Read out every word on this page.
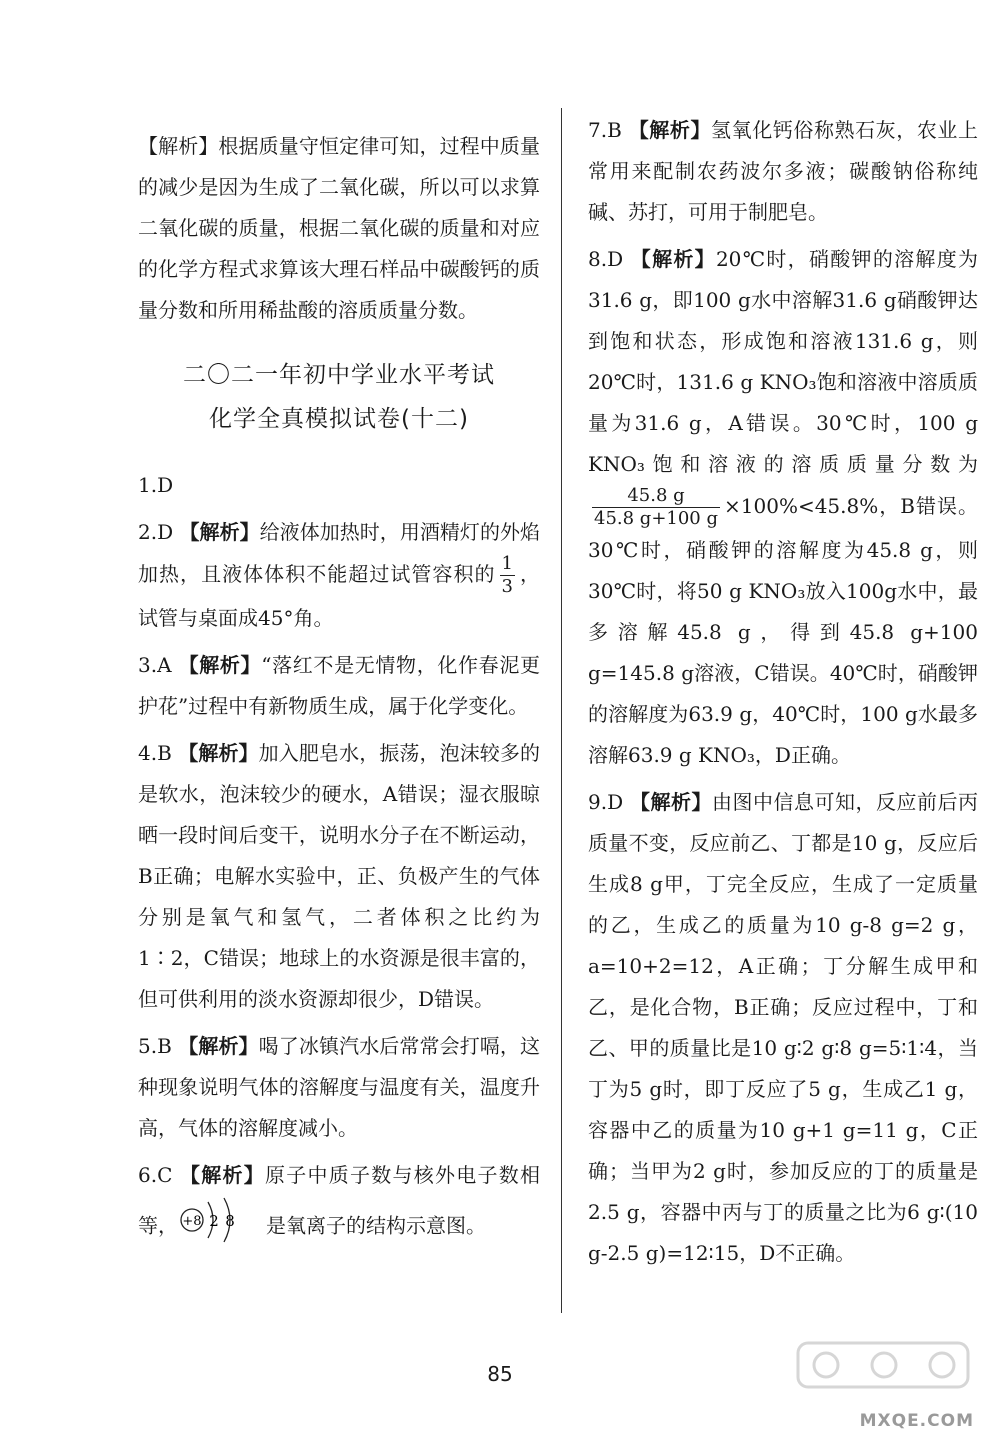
【解析】根据质量守恒定律可知，过程中质量的减少是因为生成了二氧化碳，所以可以求算二氧化碳的质量，根据二氧化碳的质量和对应的化学方程式求算该大理石样品中碳酸钙的质量分数和所用稀盐酸的溶质质量分数。

二〇二一年初中学业水平考试

化学全真模拟试卷(十二)

1.D

2.D 【解析】给液体加热时，用酒精灯的外焰加热，且液体体积不能超过试管容积的 $\frac{1}{3}$ ，试管与桌面成45°角。

3.A 【解析】“落红不是无情物，化作春泥更护花”过程中有新物质生成，属于化学变化。

4.B 【解析】加入肥皂水，振荡，泡沫较多的是软水，泡沫较少的硬水，A错误；湿衣服晾晒一段时间后变干，说明水分子在不断运动，B正确；电解水实验中，正、负极产生的气体分别是氧气和氢气，二者体积之比约为1∶2，C错误；地球上的水资源是很丰富的，但可供利用的淡水资源却很少，D错误。

5.B 【解析】喝了冰镇汽水后常常会打嗝，这种现象说明气体的溶解度与温度有关，温度升高，气体的溶解度减小。

6.C 【解析】原子中质子数与核外电子数相等， +8 2 8 是氧离子的结构示意图。

7.B 【解析】氢氧化钙俗称熟石灰，农业上常用来配制农药波尔多液；碳酸钠俗称纯碱、苏打，可用于制肥皂。

8.D 【解析】20℃时，硝酸钾的溶解度为31.6 g，即100 g水中溶解31.6 g硝酸钾达到饱和状态，形成饱和溶液131.6 g，则20℃时，131.6 g KNO₃饱和溶液中溶质质量为31.6 g，A错误。30℃时，100 g KNO₃饱和溶液的溶质质量分数为
$\frac{45.8 g}{45.8 g+100 g} \times 100\%<45.8\%$，B错误。30℃时，硝酸钾的溶解度为45.8 g，则30℃时，将50 g KNO₃放入100g水中，最多溶解45.8 g，得到45.8 g+100 g=145.8 g溶液，C错误。40℃时，硝酸钾的溶解度为63.9 g，40℃时，100 g水最多溶解63.9 g KNO₃，D正确。

9.D 【解析】由图中信息可知，反应前后丙质量不变，反应前乙、丁都是10 g，反应后生成8 g甲，丁完全反应，生成了一定质量的乙，生成乙的质量为10 g-8 g=2 g，a=10+2=12，A正确；丁分解生成甲和乙，是化合物，B正确；反应过程中，丁和乙、甲的质量比是10 g∶2 g∶8 g=5∶1∶4，当丁为5 g时，即丁反应了5 g，生成乙1 g，容器中乙的质量为10 g+1 g=11 g，C正确；当甲为2 g时，参加反应的丁的质量是2.5 g，容器中丙与丁的质量之比为6 g∶(10 g-2.5 g)=12∶15，D不正确。

85
MXQE.COM
